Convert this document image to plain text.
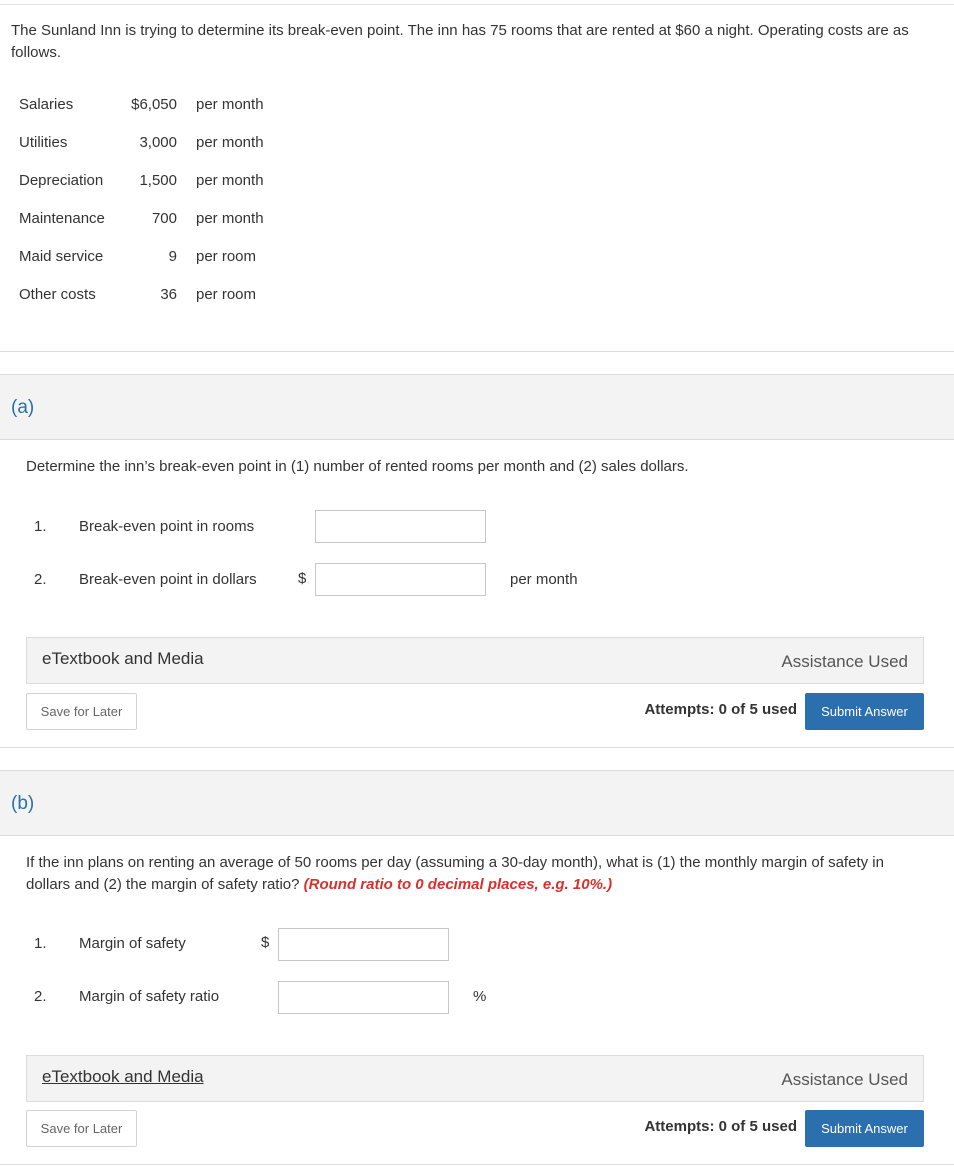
The Sunland Inn is trying to determine its break-even point. The inn has 75 rooms that are rented at $60 a night. Operating costs are as follows.
Salaries	$6,050 per month
Utilities	3,000 per month
Depreciation	1,500 per month
Maintenance	700 per month
Maid service	9 per room
Other costs	36 per room
(a)
Determine the inn’s break-even point in (1) number of rented rooms per month and (2) sales dollars.
1. Break-even point in rooms
2. Break-even point in dollars	$	per month
eTextbook and Media	Assistance Used
Save for Later	Attempts: 0 of 5 used	Submit Answer
(b)
If the inn plans on renting an average of 50 rooms per day (assuming a 30-day month), what is (1) the monthly margin of safety in dollars and (2) the margin of safety ratio? (Round ratio to 0 decimal places, e.g. 10%.)
1. Margin of safety	$
2. Margin of safety ratio	%
eTextbook and Media	Assistance Used
Save for Later	Attempts: 0 of 5 used	Submit Answer
